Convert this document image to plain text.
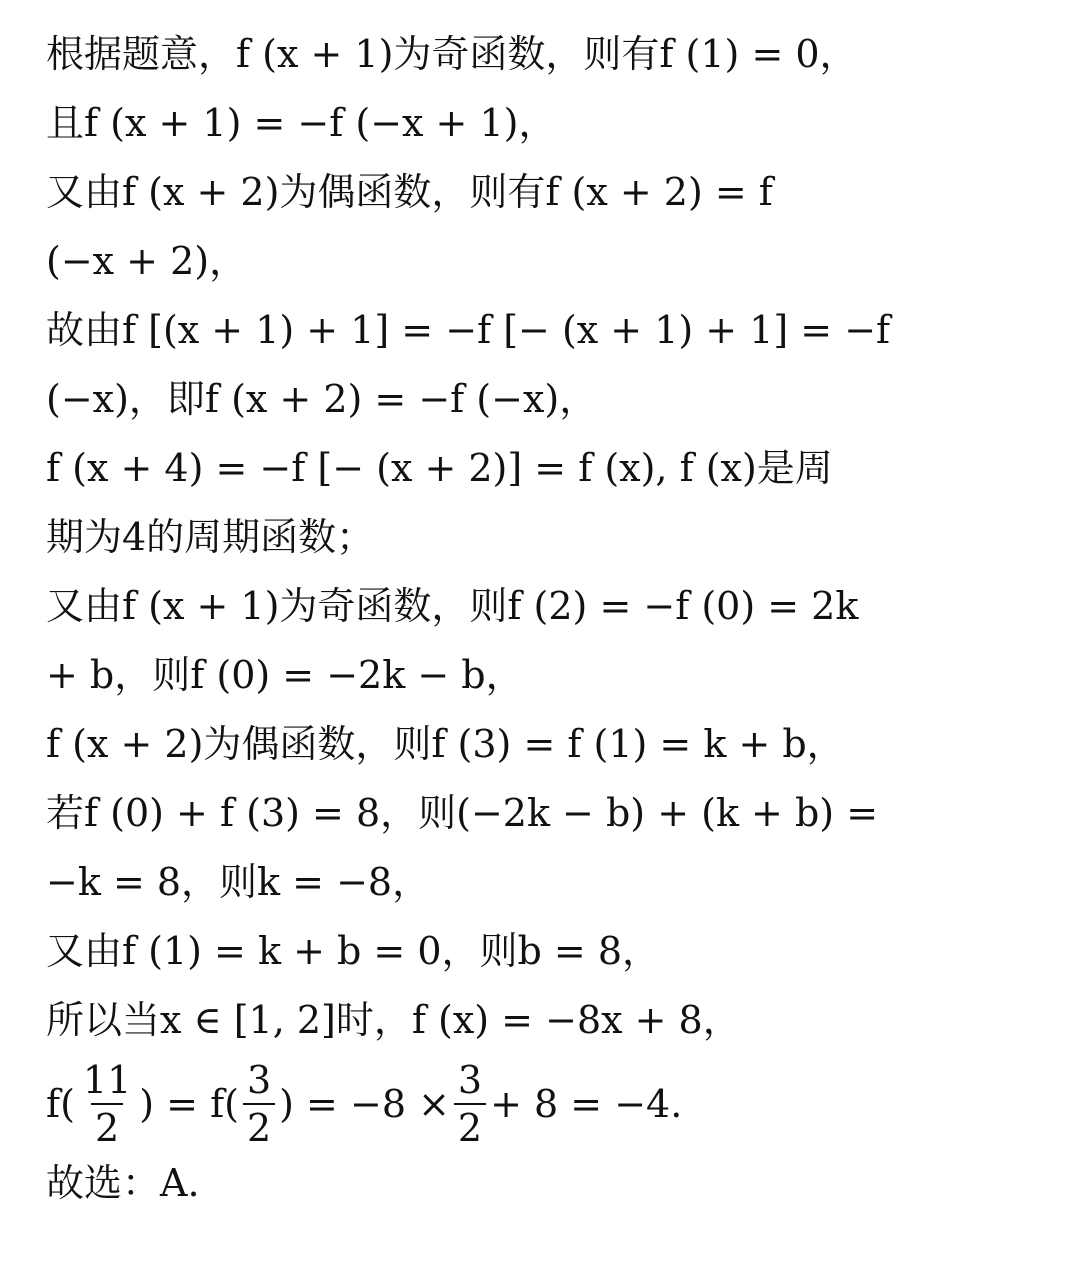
根据题意，f (x + 1)为奇函数，则有f (1) = 0，
且f (x + 1) = −f (−x + 1)，
又由f (x + 2)为偶函数，则有f (x + 2) = f
(−x + 2)，
故由f [(x + 1) + 1] = −f [− (x + 1) + 1] = −f
(−x)，即f (x + 2) = −f (−x)，
f (x + 4) = −f [− (x + 2)] = f (x), f (x)是周
期为4的周期函数；
又由f (x + 1)为奇函数，则f (2) = −f (0) = 2k
+ b，则f (0) = −2k − b，
f (x + 2)为偶函数，则f (3) = f (1) = k + b，
若f (0) + f (3) = 8，则(−2k − b) + (k + b) =
−k = 8，则k = −8，
又由f (1) = k + b = 0，则b = 8，
所以当x ∈ [1, 2]时，f (x) = −8x + 8，
$f( \frac{11}{2}$ ) = $f( \frac{3}{2}$ ) = $-8 \times \frac{3}{2} + 8 = -4$.
故选：A.
